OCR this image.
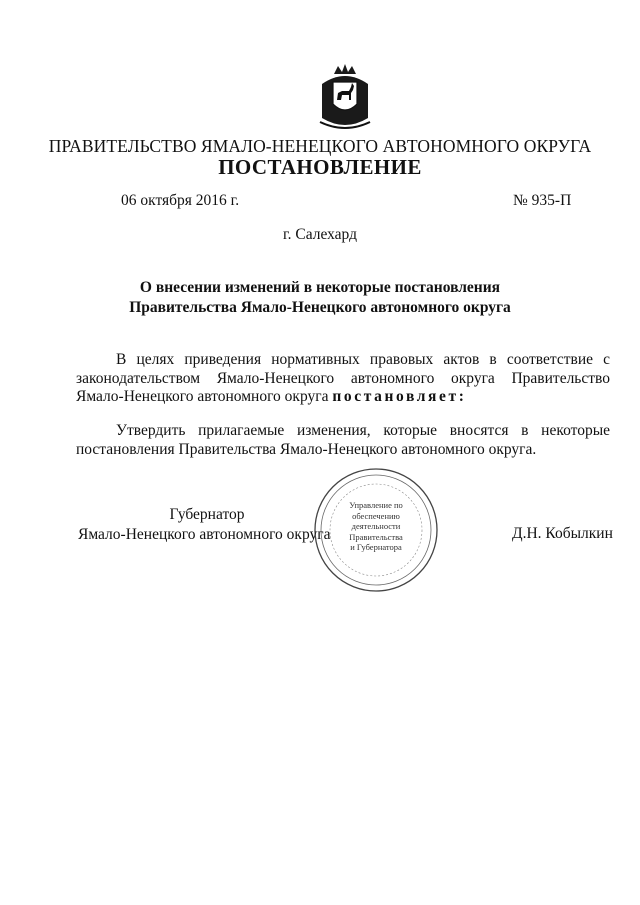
ПРАВИТЕЛЬСТВО ЯМАЛО-НЕНЕЦКОГО АВТОНОМНОГО ОКРУГА
ПОСТАНОВЛЕНИЕ
06 октября 2016 г.	№ 935-П
г. Салехард
О внесении изменений в некоторые постановления
Правительства Ямало-Ненецкого автономного округа
В целях приведения нормативных правовых актов в соответствие с законодательством Ямало-Ненецкого автономного округа Правительство Ямало-Ненецкого автономного округа постановляет:
Утвердить прилагаемые изменения, которые вносятся в некоторые постановления Правительства Ямало-Ненецкого автономного округа.
Управление по
обеспечению
деятельности
Правительства
и Губернатора
Губернатор
Ямало-Ненецкого автономного округа	Д.Н. Кобылкин
